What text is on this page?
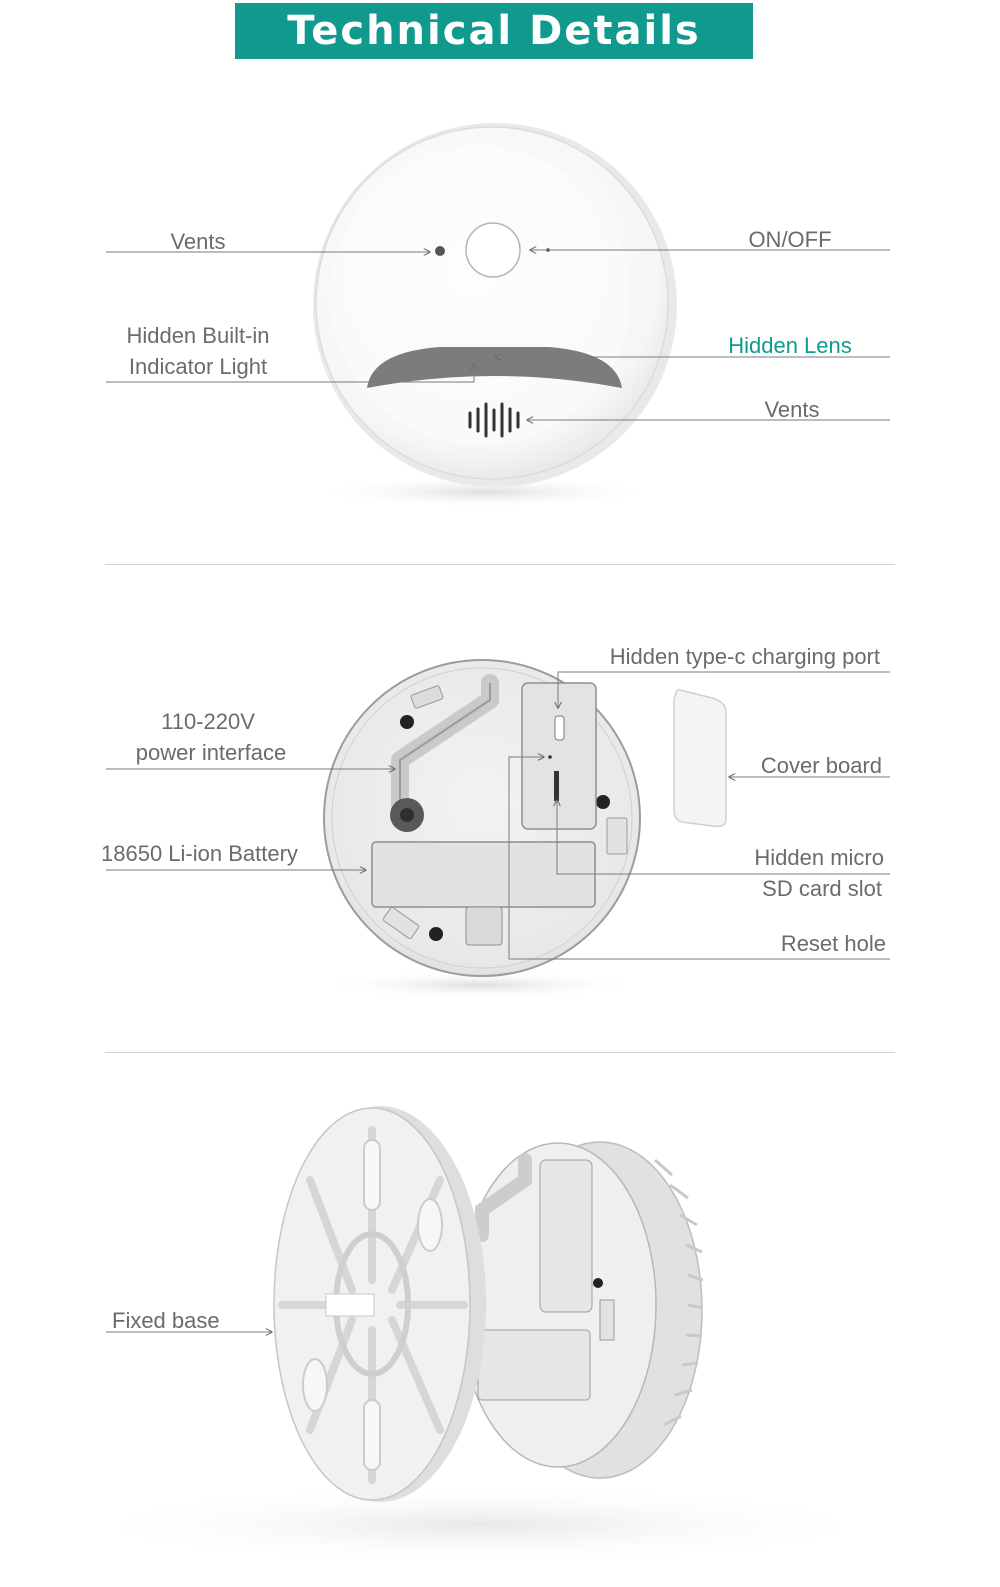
Technical Details
Vents	ON/OFF
Hidden Built-in
Indicator Light
Hidden Lens
Vents
Hidden type-c charging port
110-220V
power interface
Cover board
18650 Li-ion Battery	Hidden micro
SD card slot
Reset hole
Fixed base
